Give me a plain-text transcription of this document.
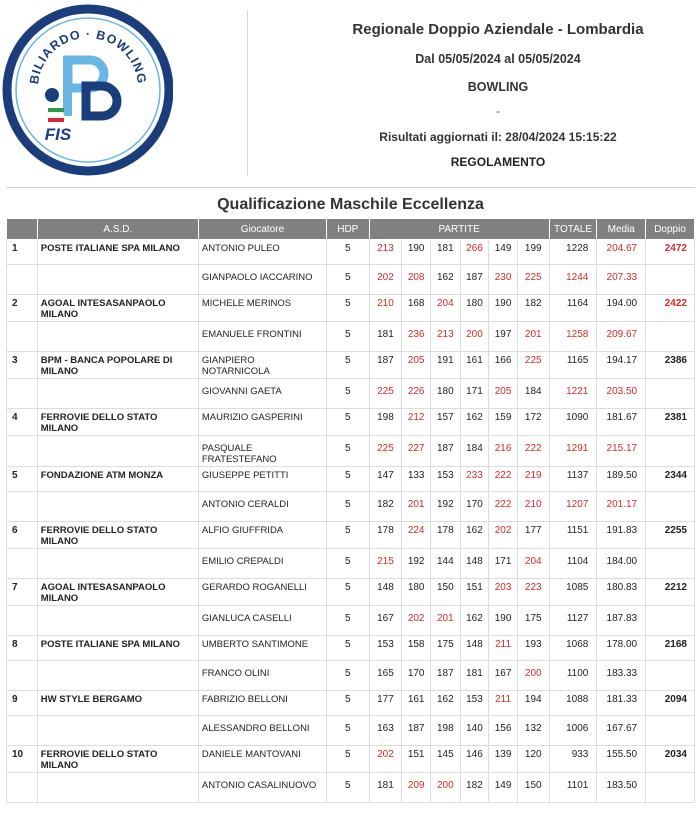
BILIARDO · BOWLING
FIS
Regionale Doppio Aziendale - Lombardia
Dal 05/05/2024 al 05/05/2024
BOWLING
-
Risultati aggiornati il: 28/04/2024 15:15:22
REGOLAMENTO
Qualificazione Maschile Eccellenza
	A.S.D.	Giocatore	HDP	PARTITE						TOTALE	Media	Doppio
1	POSTE ITALIANE SPA MILANO	ANTONIO PULEO	5	213	190	181	266	149	199	1228	204.67	2472
		GIANPAOLO IACCARINO	5	202	208	162	187	230	225	1244	207.33	
2	AGOAL INTESASANPAOLO MILANO	MICHELE MERINOS	5	210	168	204	180	190	182	1164	194.00	2422
		EMANUELE FRONTINI	5	181	236	213	200	197	201	1258	209.67	
3	BPM - BANCA POPOLARE DI MILANO	GIANPIERO NOTARNICOLA	5	187	205	191	161	166	225	1165	194.17	2386
		GIOVANNI GAETA	5	225	226	180	171	205	184	1221	203.50	
4	FERROVIE DELLO STATO MILANO	MAURIZIO GASPERINI	5	198	212	157	162	159	172	1090	181.67	2381
		PASQUALE FRATESTEFANO	5	225	227	187	184	216	222	1291	215.17	
5	FONDAZIONE ATM MONZA	GIUSEPPE PETITTI	5	147	133	153	233	222	219	1137	189.50	2344
		ANTONIO CERALDI	5	182	201	192	170	222	210	1207	201.17	
6	FERROVIE DELLO STATO MILANO	ALFIO GIUFFRIDA	5	178	224	178	162	202	177	1151	191.83	2255
		EMILIO CREPALDI	5	215	192	144	148	171	204	1104	184.00	
7	AGOAL INTESASANPAOLO MILANO	GERARDO ROGANELLI	5	148	180	150	151	203	223	1085	180.83	2212
		GIANLUCA CASELLI	5	167	202	201	162	190	175	1127	187.83	
8	POSTE ITALIANE SPA MILANO	UMBERTO SANTIMONE	5	153	158	175	148	211	193	1068	178.00	2168
		FRANCO OLINI	5	165	170	187	181	167	200	1100	183.33	
9	HW STYLE BERGAMO	FABRIZIO BELLONI	5	177	161	162	153	211	194	1088	181.33	2094
		ALESSANDRO BELLONI	5	163	187	198	140	156	132	1006	167.67	
10	FERROVIE DELLO STATO MILANO	DANIELE MANTOVANI	5	202	151	145	146	139	120	933	155.50	2034
		ANTONIO CASALINUOVO	5	181	209	200	182	149	150	1101	183.50	
